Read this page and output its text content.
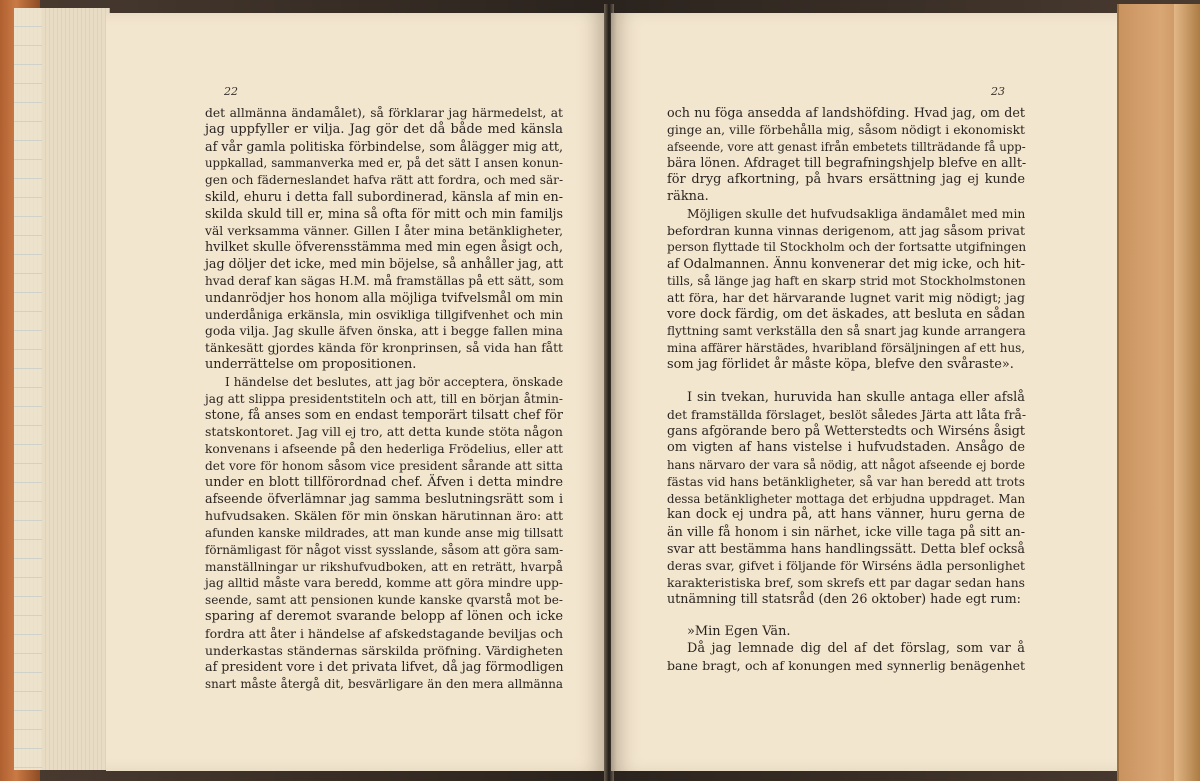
22
det allmänna ändamålet), så förklarar jag härmedelst, at
jag uppfyller er vilja. Jag gör det då både med känsla
af vår gamla politiska förbindelse, som ålägger mig att,
uppkallad, sammanverka med er, på det sätt I ansen konun-
gen och fäderneslandet hafva rätt att fordra, och med sär-
skild, ehuru i detta fall subordinerad, känsla af min en-
skilda skuld till er, mina så ofta för mitt och min familjs
väl verksamma vänner. Gillen I åter mina betänkligheter,
hvilket skulle öfverensstämma med min egen åsigt och,
jag döljer det icke, med min böjelse, så anhåller jag, att
hvad deraf kan sägas H.M. må framställas på ett sätt, som
undanrödjer hos honom alla möjliga tvifvelsmål om min
underdåniga erkänsla, min osvikliga tillgifvenhet och min
goda vilja. Jag skulle äfven önska, att i begge fallen mina
tänkesätt gjordes kända för kronprinsen, så vida han fått
underrättelse om propositionen.
I händelse det beslutes, att jag bör acceptera, önskade
jag att slippa presidentstiteln och att, till en början åtmin-
stone, få anses som en endast temporärt tilsatt chef för
statskontoret. Jag vill ej tro, att detta kunde stöta någon
konvenans i afseende på den hederliga Frödelius, eller att
det vore för honom såsom vice president sårande att sitta
under en blott tillförordnad chef. Äfven i detta mindre
afseende öfverlämnar jag samma beslutningsrätt som i
hufvudsaken. Skälen för min önskan härutinnan äro: att
afunden kanske mildrades, att man kunde anse mig tillsatt
förnämligast för något visst sysslande, såsom att göra sam-
manställningar ur rikshufvudboken, att en reträtt, hvarpå
jag alltid måste vara beredd, komme att göra mindre upp-
seende, samt att pensionen kunde kanske qvarstå mot be-
sparing af deremot svarande belopp af lönen och icke
fordra att åter i händelse af afskedstagande beviljas och
underkastas ständernas särskilda pröfning. Värdigheten
af president vore i det privata lifvet, då jag förmodligen
snart måste återgå dit, besvärligare än den mera allmänna
23
och nu föga ansedda af landshöfding. Hvad jag, om det
ginge an, ville förbehålla mig, såsom nödigt i ekonomiskt
afseende, vore att genast ifrån embetets tillträdande få upp-
bära lönen. Afdraget till begrafningshjelp blefve en allt-
för dryg afkortning, på hvars ersättning jag ej kunde
räkna.
Möjligen skulle det hufvudsakliga ändamålet med min
befordran kunna vinnas derigenom, att jag såsom privat
person flyttade til Stockholm och der fortsatte utgifningen
af Odalmannen. Ännu konvenerar det mig icke, och hit-
tills, så länge jag haft en skarp strid mot Stockholmstonen
att föra, har det härvarande lugnet varit mig nödigt; jag
vore dock färdig, om det äskades, att besluta en sådan
flyttning samt verkställa den så snart jag kunde arrangera
mina affärer härstädes, hvaribland försäljningen af ett hus,
som jag förlidet år måste köpa, blefve den svåraste».
I sin tvekan, huruvida han skulle antaga eller afslå
det framställda förslaget, beslöt således Järta att låta frå-
gans afgörande bero på Wetterstedts och Wirséns åsigt
om vigten af hans vistelse i hufvudstaden. Ansågo de
hans närvaro der vara så nödig, att något afseende ej borde
fästas vid hans betänkligheter, så var han beredd att trots
dessa betänkligheter mottaga det erbjudna uppdraget. Man
kan dock ej undra på, att hans vänner, huru gerna de
än ville få honom i sin närhet, icke ville taga på sitt an-
svar att bestämma hans handlingssätt. Detta blef också
deras svar, gifvet i följande för Wirséns ädla personlighet
karakteristiska bref, som skrefs ett par dagar sedan hans
utnämning till statsråd (den 26 oktober) hade egt rum:
»Min Egen Vän.
Då jag lemnade dig del af det förslag, som var å
bane bragt, och af konungen med synnerlig benägenhet
